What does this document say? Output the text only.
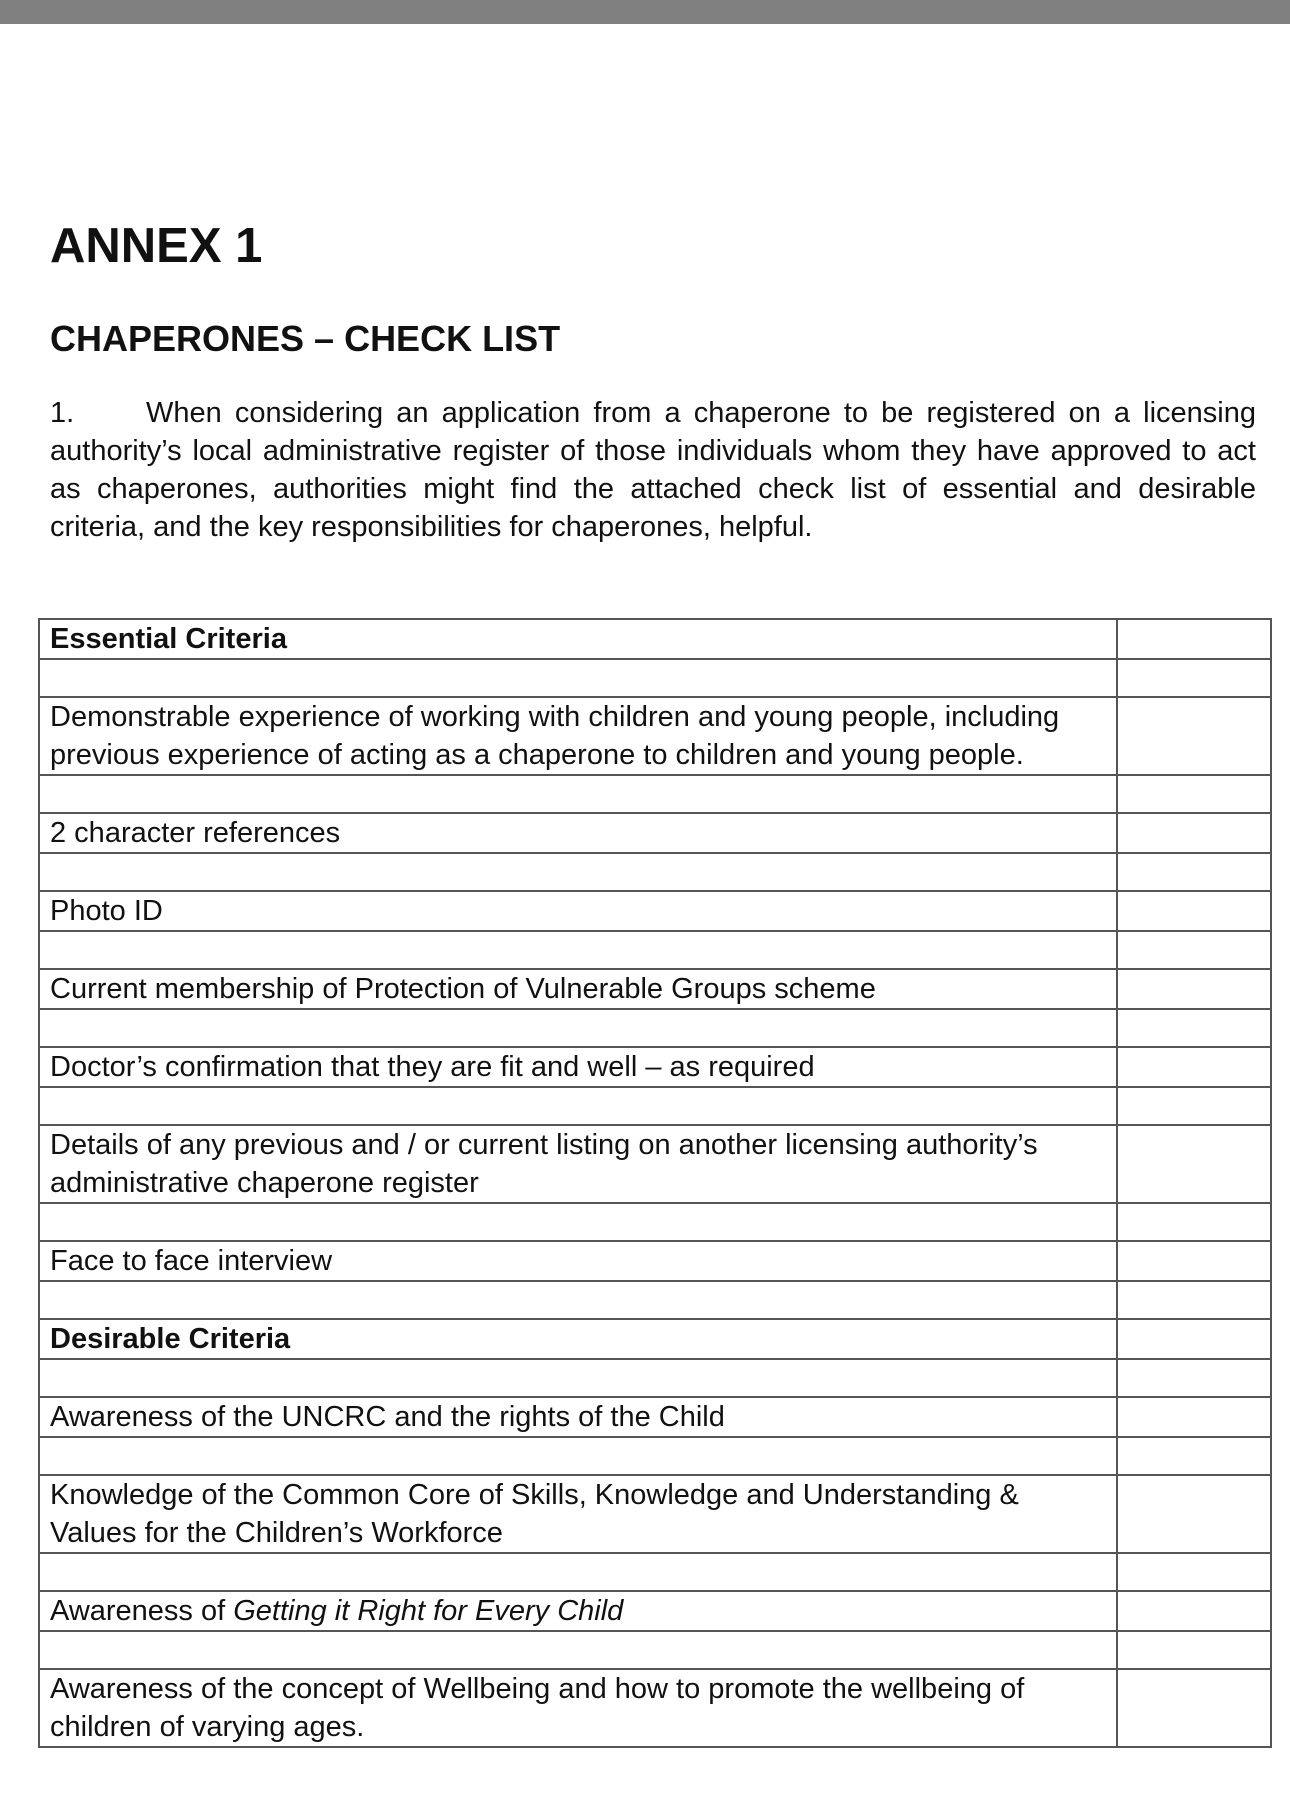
ANNEX 1
CHAPERONES – CHECK LIST

1. When considering an application from a chaperone to be registered on a licensing authority’s local administrative register of those individuals whom they have approved to act as chaperones, authorities might find the attached check list of essential and desirable criteria, and the key responsibilities for chaperones, helpful.

Essential Criteria	

Demonstrable experience of working with children and young people, including previous experience of acting as a chaperone to children and young people.	

2 character references	

Photo ID	

Current membership of Protection of Vulnerable Groups scheme	

Doctor’s confirmation that they are fit and well – as required	

Details of any previous and / or current listing on another licensing authority’s administrative chaperone register	

Face to face interview	

Desirable Criteria	

Awareness of the UNCRC and the rights of the Child	

Knowledge of the Common Core of Skills, Knowledge and Understanding & Values for the Children’s Workforce	

Awareness of Getting it Right for Every Child	

Awareness of the concept of Wellbeing and how to promote the wellbeing of children of varying ages.	
